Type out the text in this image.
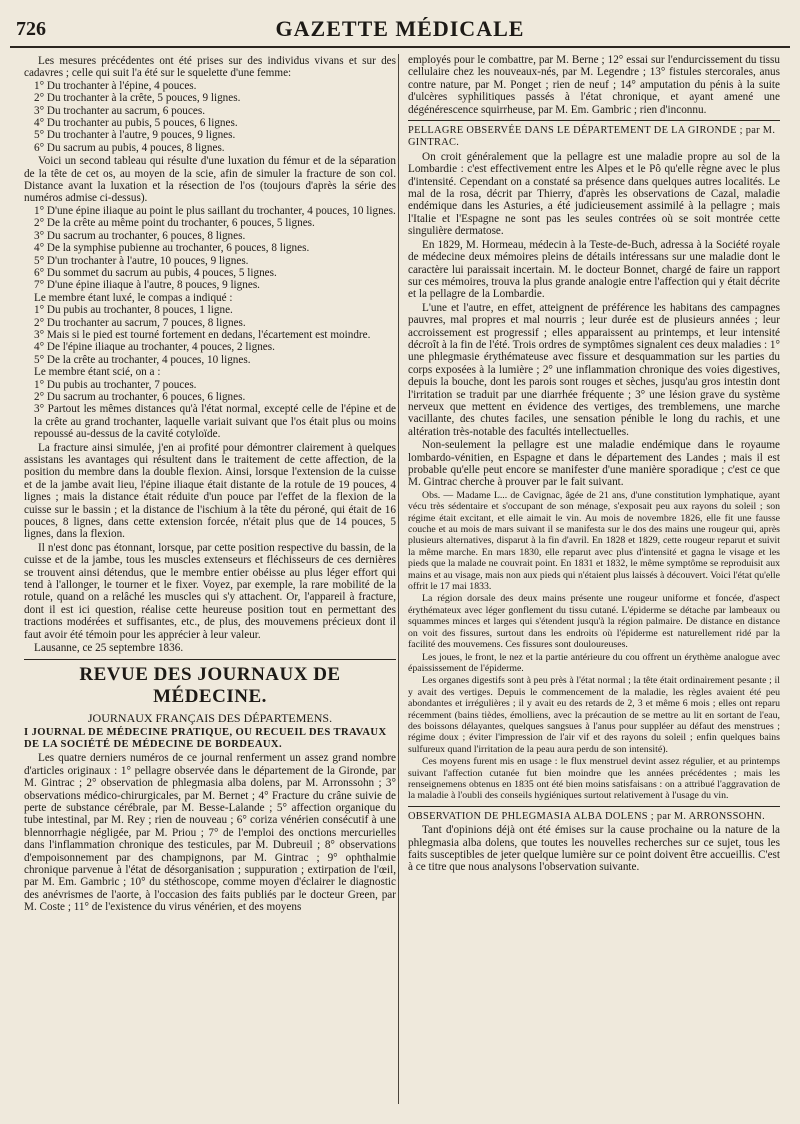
726	GAZETTE MÉDICALE

Les mesures précédentes ont été prises sur des individus vivans et sur des cadavres ; celle qui suit l'a été sur le squelette d'une femme:

1° Du trochanter à l'épine, 4 pouces.

2° Du trochanter à la crête, 5 pouces, 9 lignes.

3° Du trochanter au sacrum, 6 pouces.

4° Du trochanter au pubis, 5 pouces, 6 lignes.

5° Du trochanter à l'autre, 9 pouces, 9 lignes.

6° Du sacrum au pubis, 4 pouces, 8 lignes.

Voici un second tableau qui résulte d'une luxation du fémur et de la séparation de la tête de cet os, au moyen de la scie, afin de simuler la fracture de son col. Distance avant la luxation et la résection de l'os (toujours d'après la série des numéros admise ci-dessus).

1° D'une épine iliaque au point le plus saillant du trochanter, 4 pouces, 10 lignes.

2° De la crête au même point du trochanter, 6 pouces, 5 lignes.

3° Du sacrum au trochanter, 6 pouces, 8 lignes.

4° De la symphise pubienne au trochanter, 6 pouces, 8 lignes.

5° D'un trochanter à l'autre, 10 pouces, 9 lignes.

6° Du sommet du sacrum au pubis, 4 pouces, 5 lignes.

7° D'une épine iliaque à l'autre, 8 pouces, 9 lignes.

Le membre étant luxé, le compas a indiqué :

1° Du pubis au trochanter, 8 pouces, 1 ligne.

2° Du trochanter au sacrum, 7 pouces, 8 lignes.

3° Mais si le pied est tourné fortement en dedans, l'écartement est moindre.

4° De l'épine iliaque au trochanter, 4 pouces, 2 lignes.

5° De la crête au trochanter, 4 pouces, 10 lignes.

Le membre étant scié, on a :

1° Du pubis au trochanter, 7 pouces.

2° Du sacrum au trochanter, 6 pouces, 6 lignes.

3° Partout les mêmes distances qu'à l'état normal, excepté celle de l'épine et de la crête au grand trochanter, laquelle variait suivant que l'os était plus ou moins repoussé au-dessus de la cavité cotyloïde.

La fracture ainsi simulée, j'en ai profité pour démontrer clairement à quelques assistans les avantages qui résultent dans le traitement de cette affection, de la position du membre dans la double flexion. Ainsi, lorsque l'extension de la cuisse et de la jambe avait lieu, l'épine iliaque était distante de la rotule de 19 pouces, 4 lignes ; mais la distance était réduite d'un pouce par l'effet de la flexion de la cuisse sur le bassin ; et la distance de l'ischium à la tête du péroné, qui était de 16 pouces, 8 lignes, dans cette extension forcée, n'était plus que de 14 pouces, 5 lignes, dans la flexion.

Il n'est donc pas étonnant, lorsque, par cette position respective du bassin, de la cuisse et de la jambe, tous les muscles extenseurs et fléchisseurs de ces dernières se trouvent ainsi détendus, que le membre entier obéisse au plus léger effort qui tend à l'allonger, le tourner et le fixer. Voyez, par exemple, la rare mobilité de la rotule, quand on a relâché les muscles qui s'y attachent. Or, l'appareil à fracture, dont il est ici question, réalise cette heureuse position tout en permettant des tractions modérées et suffisantes, etc., de plus, des mouvemens précieux dont il faut avoir été témoin pour les apprécier à leur valeur.

Lausanne, ce 25 septembre 1836.

REVUE DES JOURNAUX DE MÉDECINE.

JOURNAUX FRANÇAIS DES DÉPARTEMENS.

I JOURNAL DE MÉDECINE PRATIQUE, OU RECUEIL DES TRAVAUX DE LA SOCIÉTÉ DE MÉDECINE DE BORDEAUX.

Les quatre derniers numéros de ce journal renferment un assez grand nombre d'articles originaux : 1° pellagre observée dans le département de la Gironde, par M. Gintrac ; 2° observation de phlegmasia alba dolens, par M. Arronssohn ; 3° observations médico-chirurgicales, par M. Bernet ; 4° Fracture du crâne suivie de perte de substance cérébrale, par M. Besse-Lalande ; 5° affection organique du tube intestinal, par M. Rey ; rien de nouveau ; 6° coriza vénérien consécutif à une blennorrhagie négligée, par M. Priou ; 7° de l'emploi des onctions mercurielles dans l'inflammation chronique des testicules, par M. Dubreuil ; 8° observations d'empoisonnement par des champignons, par M. Gintrac ; 9° ophthalmie chronique parvenue à l'état de désorganisation ; suppuration ; extirpation de l'œil, par M. Em. Gambric ; 10° du stéthoscope, comme moyen d'éclairer le diagnostic des anévrismes de l'aorte, à l'occasion des faits publiés par le docteur Green, par M. Coste ; 11° de l'existence du virus vénérien, et des moyens

employés pour le combattre, par M. Berne ; 12° essai sur l'endurcissement du tissu cellulaire chez les nouveaux-nés, par M. Legendre ; 13° fistules stercorales, anus contre nature, par M. Ponget ; rien de neuf ; 14° amputation du pénis à la suite d'ulcères syphilitiques passés à l'état chronique, et ayant amené une dégénérescence squirrheuse, par M. Em. Gambric ; rien d'inconnu.

PELLAGRE OBSERVÉE DANS LE DÉPARTEMENT DE LA GIRONDE ; par M. GINTRAC.

On croit généralement que la pellagre est une maladie propre au sol de la Lombardie : c'est effectivement entre les Alpes et le Pô qu'elle règne avec le plus d'intensité. Cependant on a constaté sa présence dans quelques autres localités. Le mal de la rosa, décrit par Thierry, d'après les observations de Cazal, maladie endémique dans les Asturies, a été judicieusement assimilé à la pellagre ; mais l'Italie et l'Espagne ne sont pas les seules contrées où se soit montrée cette singulière dermatose.

En 1829, M. Hormeau, médecin à la Teste-de-Buch, adressa à la Société royale de médecine deux mémoires pleins de détails intéressans sur une maladie dont le caractère lui paraissait incertain. M. le docteur Bonnet, chargé de faire un rapport sur ces mémoires, trouva la plus grande analogie entre l'affection qui y était décrite et la pellagre de la Lombardie.

L'une et l'autre, en effet, atteignent de préférence les habitans des campagnes pauvres, mal propres et mal nourris ; leur durée est de plusieurs années ; leur accroissement est progressif ; elles apparaissent au printemps, et leur intensité décroît à la fin de l'été. Trois ordres de symptômes signalent ces deux maladies : 1° une phlegmasie érythémateuse avec fissure et desquammation sur les parties du corps exposées à la lumière ; 2° une inflammation chronique des voies digestives, depuis la bouche, dont les parois sont rouges et sèches, jusqu'au gros intestin dont l'irritation se traduit par une diarrhée fréquente ; 3° une lésion grave du système nerveux que mettent en évidence des vertiges, des tremblemens, une marche vacillante, des chutes faciles, une sensation pénible le long du rachis, et une altération très-notable des facultés intellectuelles.

Non-seulement la pellagre est une maladie endémique dans le royaume lombardo-vénitien, en Espagne et dans le département des Landes ; mais il est probable qu'elle peut encore se manifester d'une manière sporadique ; c'est ce que M. Gintrac cherche à prouver par le fait suivant.

Obs. — Madame L... de Cavignac, âgée de 21 ans, d'une constitution lymphatique, ayant vécu très sédentaire et s'occupant de son ménage, s'exposait peu aux rayons du soleil ; son régime était excitant, et elle aimait le vin. Au mois de novembre 1826, elle fit une fausse couche et au mois de mars suivant il se manifesta sur le dos des mains une rougeur qui, après plusieurs alternatives, disparut à la fin d'avril. En 1828 et 1829, cette rougeur reparut et suivit la même marche. En mars 1830, elle reparut avec plus d'intensité et gagna le visage et les pieds que la malade ne couvrait point. En 1831 et 1832, le même symptôme se reproduisit aux mains et au visage, mais non aux pieds qui n'étaient plus laissés à découvert. Voici l'état qu'elle offrit le 17 mai 1833.

La région dorsale des deux mains présente une rougeur uniforme et foncée, d'aspect érythémateux avec léger gonflement du tissu cutané. L'épiderme se détache par lambeaux ou squammes minces et larges qui s'étendent jusqu'à la région palmaire. De distance en distance on voit des fissures, surtout dans les endroits où l'épiderme est naturellement ridé par la facilité des mouvemens. Ces fissures sont douloureuses.

Les joues, le front, le nez et la partie antérieure du cou offrent un érythème analogue avec épaississement de l'épiderme.

Les organes digestifs sont à peu près à l'état normal ; la tête était ordinairement pesante ; il y avait des vertiges. Depuis le commencement de la maladie, les règles avaient été peu abondantes et irrégulières ; il y avait eu des retards de 2, 3 et même 6 mois ; elles ont reparu récemment (bains tièdes, émolliens, avec la précaution de se mettre au lit en sortant de l'eau, des boissons délayantes, quelques sangsues à l'anus pour suppléer au défaut des menstrues ; régime doux ; éviter l'impression de l'air vif et des rayons du soleil ; enfin quelques bains sulfureux quand l'irritation de la peau aura perdu de son intensité).

Ces moyens furent mis en usage : le flux menstruel devint assez régulier, et au printemps suivant l'affection cutanée fut bien moindre que les années précédentes ; mais les renseignemens obtenus en 1835 ont été bien moins satisfaisans : on a attribué l'aggravation de la maladie à l'oubli des conseils hygiéniques surtout relativement à l'usage du vin.

OBSERVATION DE PHLEGMASIA ALBA DOLENS ; par M. ARRONSSOHN.

Tant d'opinions déjà ont été émises sur la cause prochaine ou la nature de la phlegmasia alba dolens, que toutes les nouvelles recherches sur ce sujet, tous les faits susceptibles de jeter quelque lumière sur ce point doivent être accueillis. C'est à ce titre que nous analysons l'observation suivante.
